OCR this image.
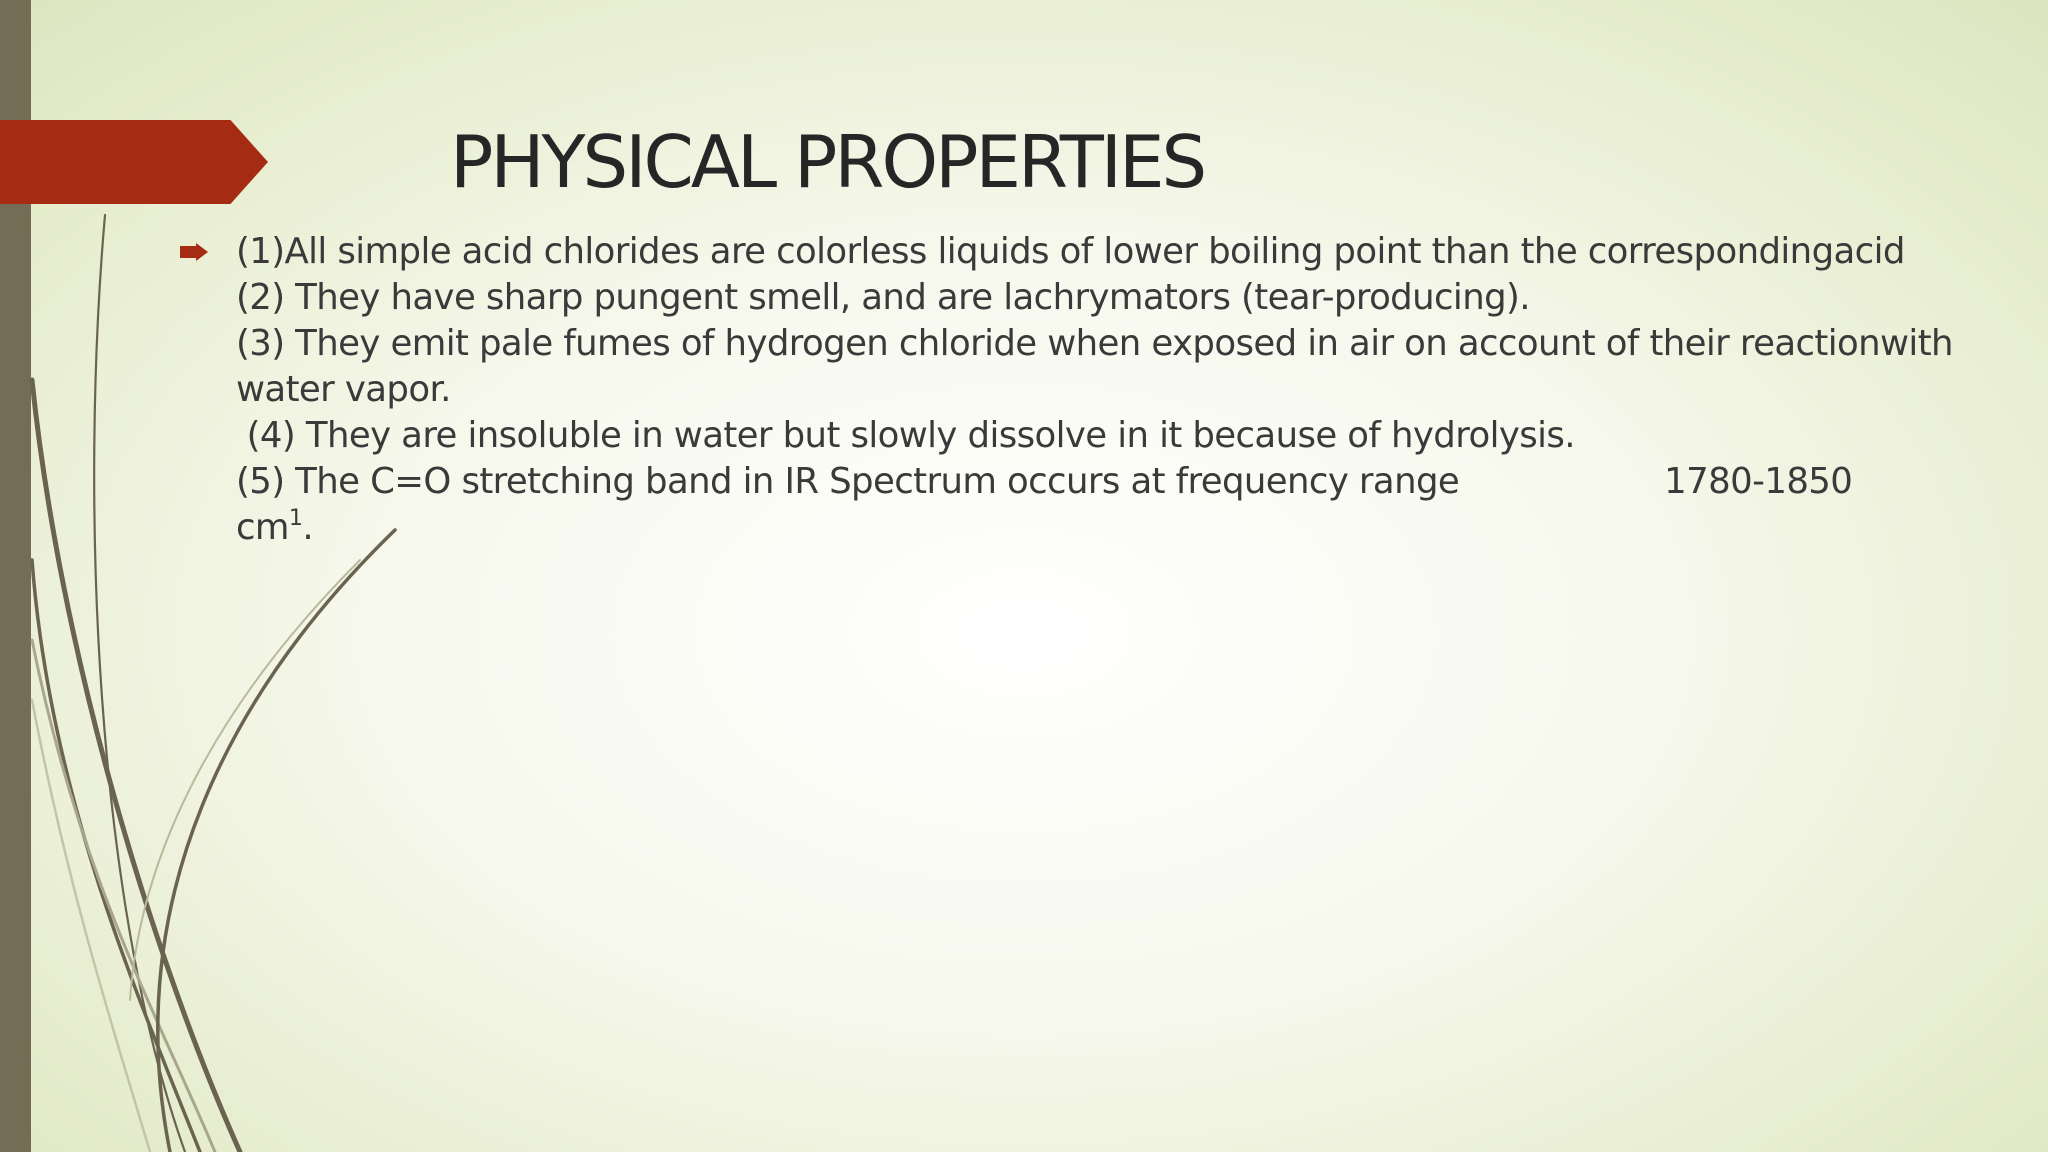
PHYSICAL PROPERTIES
(1)All simple acid chlorides are colorless liquids of lower boiling point than the correspondingacid
(2) They have sharp pungent smell, and are lachrymators (tear-producing).
(3) They emit pale fumes of hydrogen chloride when exposed in air on account of their reactionwith
water vapor.
(4) They are insoluble in water but slowly dissolve in it because of hydrolysis.
(5) The C=O stretching band in IR Spectrum occurs at frequency range	1780-1850
$cm^1$.
